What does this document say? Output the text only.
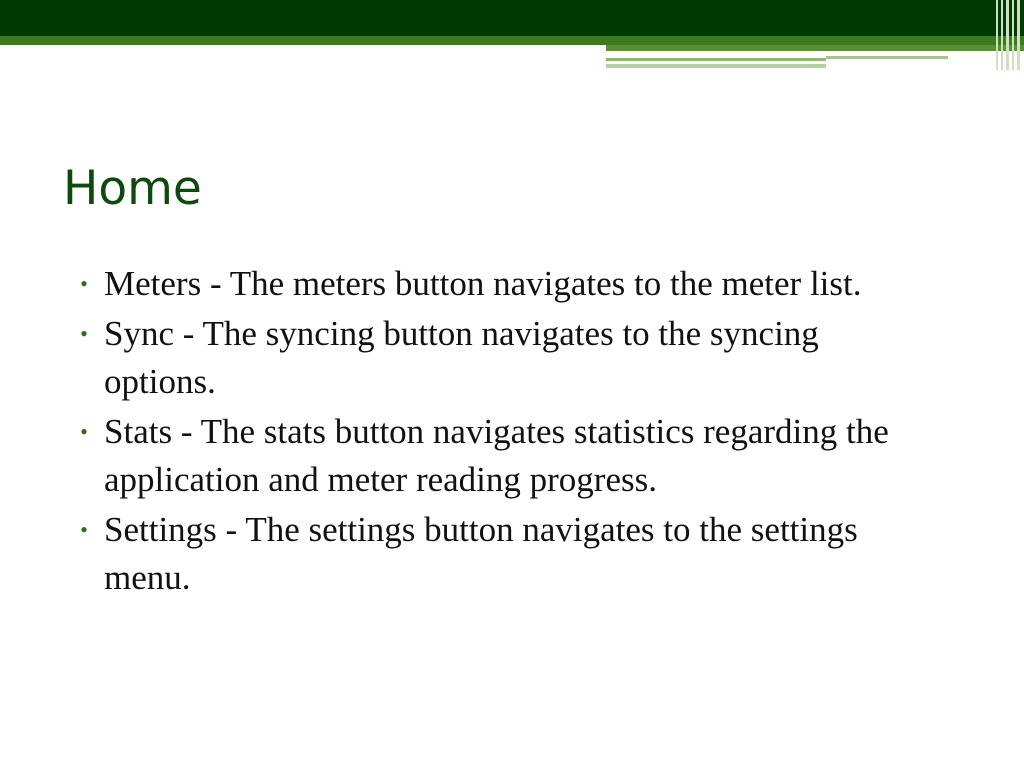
Home
• Meters - The meters button navigates to the meter list.
• Sync - The syncing button navigates to the syncing options.
• Stats - The stats button navigates statistics regarding the application and meter reading progress.
• Settings - The settings button navigates to the settings menu.
